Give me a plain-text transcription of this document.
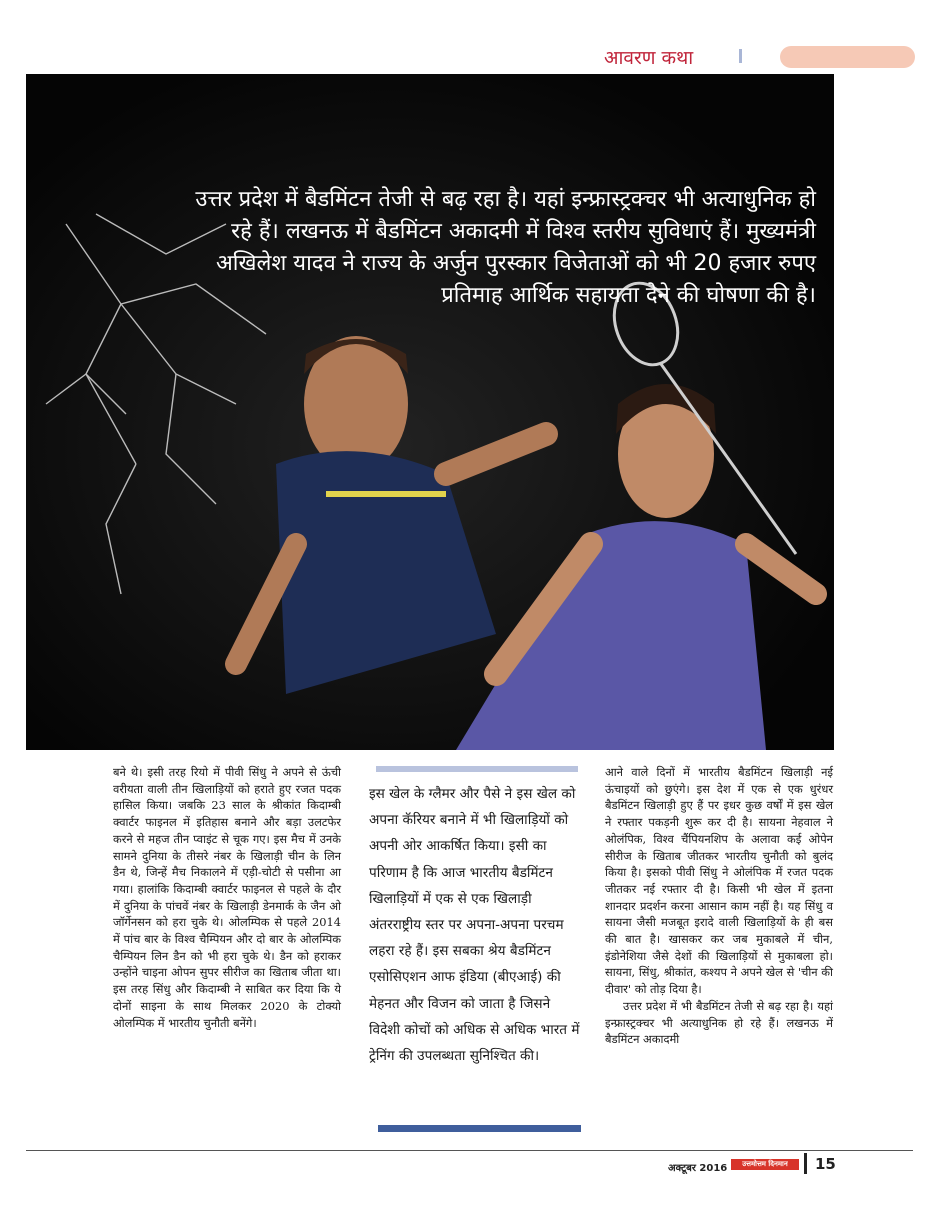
आवरण कथा
उत्तर प्रदेश में बैडमिंटन तेजी से बढ़ रहा है। यहां इन्फ्रास्ट्रक्चर भी अत्याधुनिक हो रहे हैं। लखनऊ में बैडमिंटन अकादमी में विश्व स्तरीय सुविधाएं हैं। मुख्यमंत्री अखिलेश यादव ने राज्य के अर्जुन पुरस्कार विजेताओं को भी 20 हजार रुपए प्रतिमाह आर्थिक सहायता देने की घोषणा की है।

बने थे। इसी तरह रियो में पीवी सिंधु ने अपने से ऊंची वरीयता वाली तीन खिलाड़ियों को हराते हुए रजत पदक हासिल किया। जबकि 23 साल के श्रीकांत किदाम्बी क्वार्टर फाइनल में इतिहास बनाने और बड़ा उलटफेर करने से महज तीन प्वाइंट से चूक गए। इस मैच में उनके सामने दुनिया के तीसरे नंबर के खिलाड़ी चीन के लिन डैन थे, जिन्हें मैच निकालने में एड़ी-चोटी से पसीना आ गया। हालांकि किदाम्बी क्वार्टर फाइनल से पहले के दौर में दुनिया के पांचवें नंबर के खिलाड़ी डेनमार्क के जैन ओ जॉर्गेनसन को हरा चुके थे। ओलम्पिक से पहले 2014 में पांच बार के विश्व चैम्पियन और दो बार के ओलम्पिक चैम्पियन लिन डैन को भी हरा चुके थे। डैन को हराकर उन्होंने चाइना ओपन सुपर सीरीज का खिताब जीता था। इस तरह सिंधु और किदाम्बी ने साबित कर दिया कि ये दोनों साइना के साथ मिलकर 2020 के टोक्यो ओलम्पिक में भारतीय चुनौती बनेंगे।

इस खेल के ग्लैमर और पैसे ने इस खेल को अपना कॅरियर बनाने में भी खिलाड़ियों को अपनी ओर आकर्षित किया। इसी का परिणाम है कि आज भारतीय बैडमिंटन खिलाड़ियों में एक से एक खिलाड़ी अंतरराष्ट्रीय स्तर पर अपना-अपना परचम लहरा रहे हैं। इस सबका श्रेय बैडमिंटन एसोसिएशन आफ इंडिया (बीएआई) की मेहनत और विजन को जाता है जिसने विदेशी कोचों को अधिक से अधिक भारत में ट्रेनिंग की उपलब्धता सुनिश्चित की।

आने वाले दिनों में भारतीय बैडमिंटन खिलाड़ी नई ऊंचाइयों को छुएंगे। इस देश में एक से एक धुरंधर बैडमिंटन खिलाड़ी हुए हैं पर इधर कुछ वर्षों में इस खेल ने रफ्तार पकड़नी शुरू कर दी है। सायना नेहवाल ने ओलंपिक, विश्व चैंपियनशिप के अलावा कई ओपेन सीरीज के खिताब जीतकर भारतीय चुनौती को बुलंद किया है। इसको पीवी सिंधु ने ओलंपिक में रजत पदक जीतकर नई रफ्तार दी है। किसी भी खेल में इतना शानदार प्रदर्शन करना आसान काम नहीं है। यह सिंधु व सायना जैसी मजबूत इरादे वाली खिलाड़ियों के ही बस की बात है। खासकर कर जब मुकाबले में चीन, इंडोनेशिया जैसे देशों की खिलाड़ियों से मुकाबला हो। सायना, सिंधु, श्रीकांत, कश्यप ने अपने खेल से 'चीन की दीवार' को तोड़ दिया है।

उत्तर प्रदेश में भी बैडमिंटन तेजी से बढ़ रहा है। यहां इन्फ्रास्ट्रक्चर भी अत्याधुनिक हो रहे हैं। लखनऊ में बैडमिंटन अकादमी

अक्टूबर 2016	उत्तमोत्तम दिनमान	15
